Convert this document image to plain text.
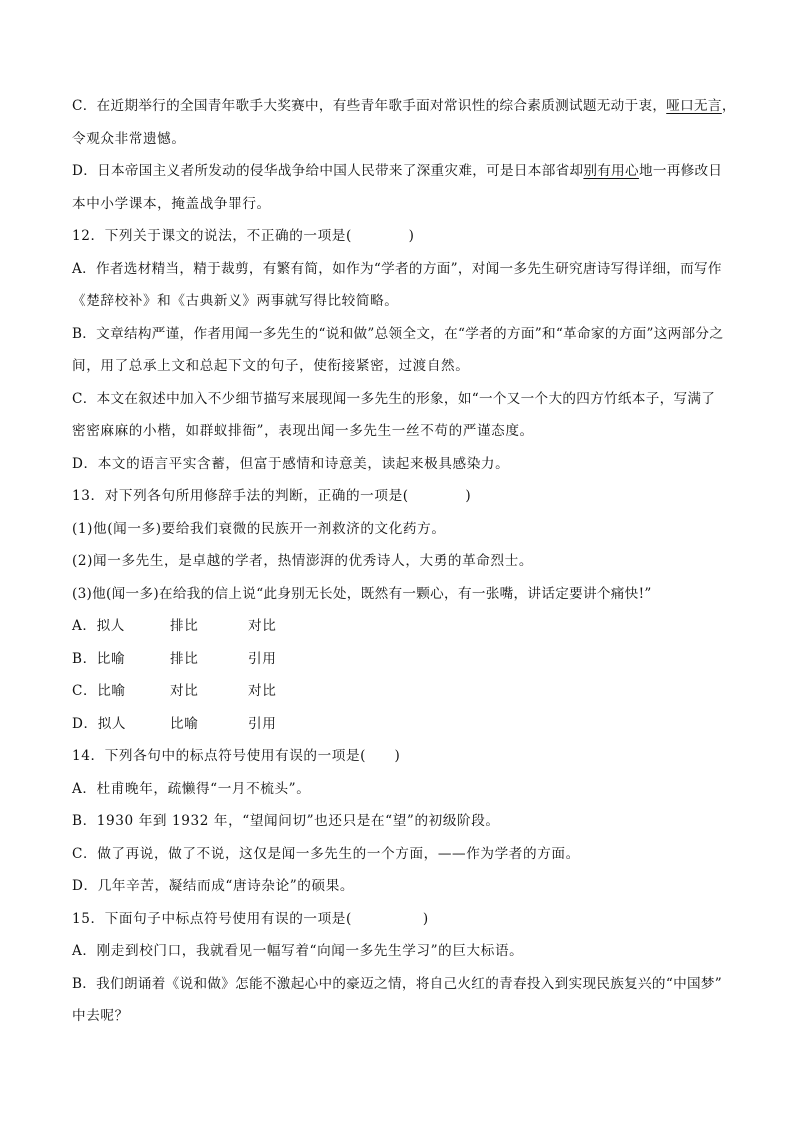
C．在近期举行的全国青年歌手大奖赛中，有些青年歌手面对常识性的综合素质测试题无动于衷，哑口无言，
令观众非常遗憾。
D．日本帝国主义者所发动的侵华战争给中国人民带来了深重灾难，可是日本部省却别有用心地一再修改日
本中小学课本，掩盖战争罪行。
12．下列关于课文的说法，不正确的一项是(　　　　)
A．作者选材精当，精于裁剪，有繁有简，如作为“学者的方面”，对闻一多先生研究唐诗写得详细，而写作
《楚辞校补》和《古典新义》两事就写得比较简略。
B．文章结构严谨，作者用闻一多先生的“说和做”总领全文，在“学者的方面”和“革命家的方面”这两部分之
间，用了总承上文和总起下文的句子，使衔接紧密，过渡自然。
C．本文在叙述中加入不少细节描写来展现闻一多先生的形象，如“一个又一个大的四方竹纸本子，写满了
密密麻麻的小楷，如群蚁排衙”，表现出闻一多先生一丝不苟的严谨态度。
D．本文的语言平实含蓄，但富于感情和诗意美，读起来极具感染力。
13．对下列各句所用修辞手法的判断，正确的一项是(　　　　)
(1)他(闻一多)要给我们衰微的民族开一剂救济的文化药方。
(2)闻一多先生，是卓越的学者，热情澎湃的优秀诗人，大勇的革命烈士。
(3)他(闻一多)在给我的信上说“此身别无长处，既然有一颗心，有一张嘴，讲话定要讲个痛快!”
A．拟人	排比	对比
B．比喻	排比	引用
C．比喻	对比	对比
D．拟人	比喻	引用
14．下列各句中的标点符号使用有误的一项是(　　)
A．杜甫晚年，疏懒得“一月不梳头”。
B．1930 年到 1932 年，“望闻问切”也还只是在“望”的初级阶段。
C．做了再说，做了不说，这仅是闻一多先生的一个方面，——作为学者的方面。
D．几年辛苦，凝结而成“唐诗杂论”的硕果。
15．下面句子中标点符号使用有误的一项是(　　　　　)
A．刚走到校门口，我就看见一幅写着“向闻一多先生学习”的巨大标语。
B．我们朗诵着《说和做》怎能不激起心中的豪迈之情，将自己火红的青春投入到实现民族复兴的“中国梦”
中去呢？
